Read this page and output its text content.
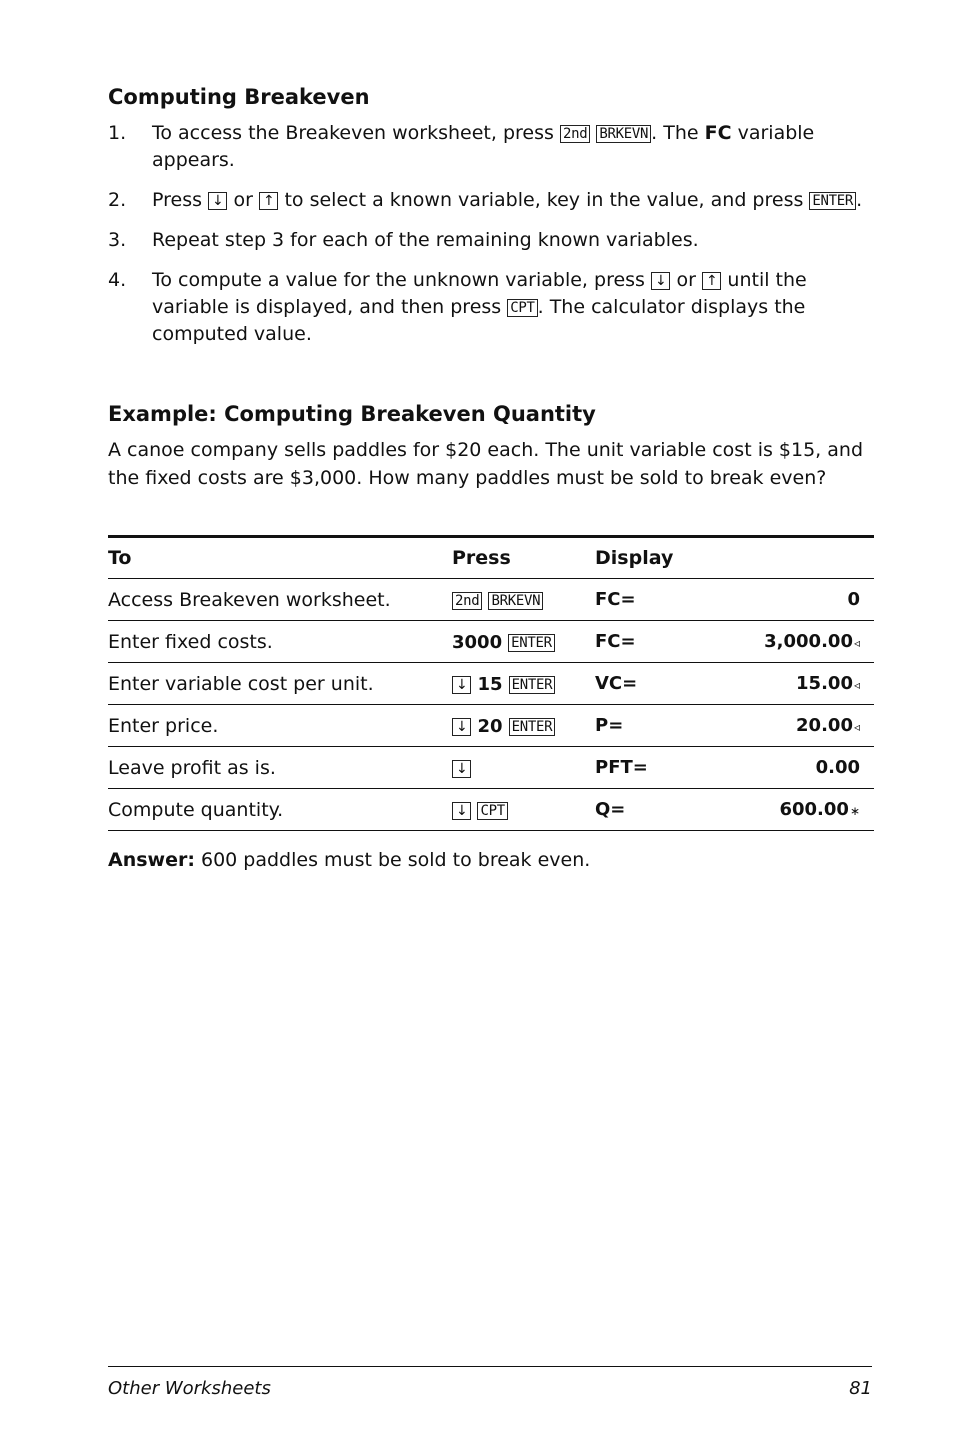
Computing Breakeven
1. To access the Breakeven worksheet, press 2nd BRKEVN . The FC variable appears.
2. Press ↓ or ↑ to select a known variable, key in the value, and press ENTER .
3. Repeat step 3 for each of the remaining known variables.
4. To compute a value for the unknown variable, press ↓ or ↑ until the variable is displayed, and then press CPT . The calculator displays the computed value.
Example: Computing Breakeven Quantity
A canoe company sells paddles for $20 each. The unit variable cost is $15, and the fixed costs are $3,000. How many paddles must be sold to break even?
To	Press	Display	
Access Breakeven worksheet.	2nd BRKEVN	FC=	0
Enter fixed costs.	3000 ENTER	FC=	3,000.00◃
Enter variable cost per unit.	↓ 15 ENTER	VC=	15.00◃
Enter price.	↓ 20 ENTER	P=	20.00◃
Leave profit as is.	↓	PFT=	0.00
Compute quantity.	↓ CPT	Q=	600.00∗
Answer: 600 paddles must be sold to break even.
Other Worksheets	81
